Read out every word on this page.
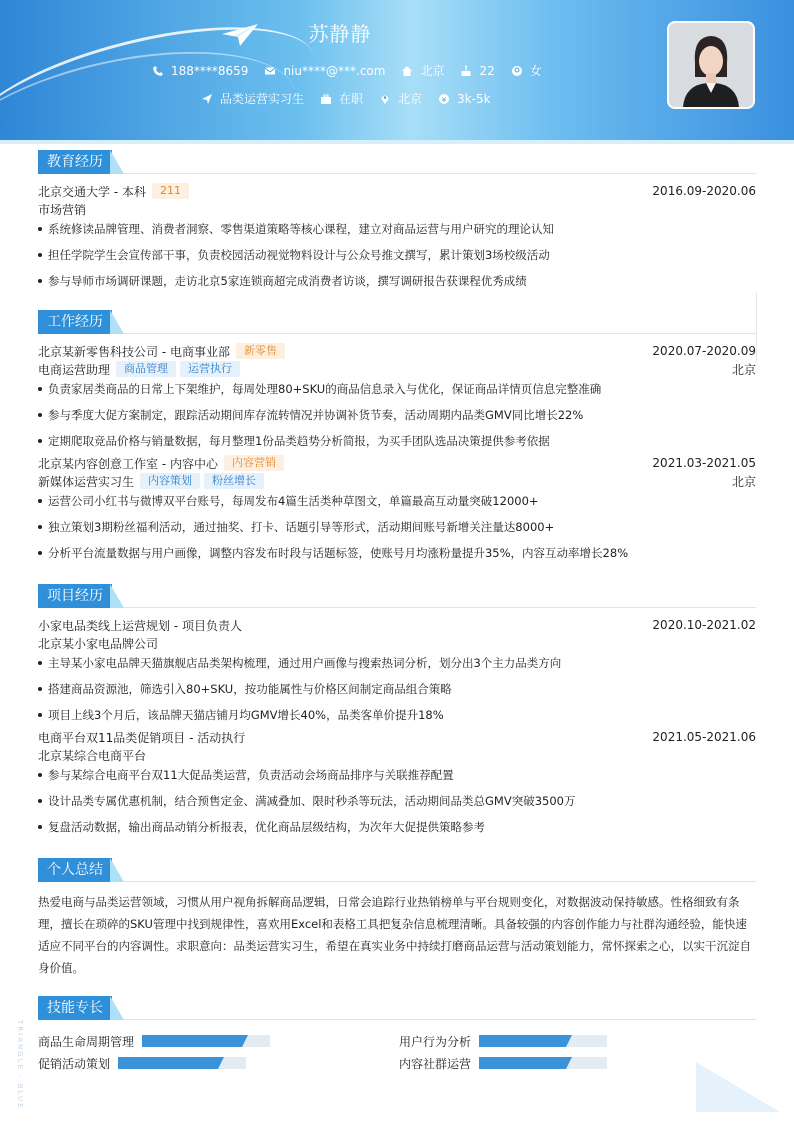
苏静静
188****8659	niu****@***.com	北京	22	女
品类运营实习生	在职	北京	¥ 3k-5k
教育经历
北京交通大学 - 本科	211	2016.09-2020.06
市场营销
系统修读品牌管理、消费者洞察、零售渠道策略等核心课程，建立对商品运营与用户研究的理论认知
担任学院学生会宣传部干事，负责校园活动视觉物料设计与公众号推文撰写，累计策划3场校级活动
参与导师市场调研课题，走访北京5家连锁商超完成消费者访谈，撰写调研报告获课程优秀成绩
工作经历
北京某新零售科技公司 - 电商事业部	新零售	2020.07-2020.09
电商运营助理	商品管理	运营执行	北京
负责家居类商品的日常上下架维护，每周处理80+SKU的商品信息录入与优化，保证商品详情页信息完整准确
参与季度大促方案制定，跟踪活动期间库存流转情况并协调补货节奏，活动周期内品类GMV同比增长22%
定期爬取竞品价格与销量数据，每月整理1份品类趋势分析简报，为买手团队选品决策提供参考依据
北京某内容创意工作室 - 内容中心	内容营销	2021.03-2021.05
新媒体运营实习生	内容策划	粉丝增长	北京
运营公司小红书与微博双平台账号，每周发布4篇生活类种草图文，单篇最高互动量突破12000+
独立策划3期粉丝福利活动，通过抽奖、打卡、话题引导等形式，活动期间账号新增关注量达8000+
分析平台流量数据与用户画像，调整内容发布时段与话题标签，使账号月均涨粉量提升35%，内容互动率增长28%
项目经历
小家电品类线上运营规划 - 项目负责人	2020.10-2021.02
北京某小家电品牌公司
主导某小家电品牌天猫旗舰店品类架构梳理，通过用户画像与搜索热词分析，划分出3个主力品类方向
搭建商品资源池，筛选引入80+SKU，按功能属性与价格区间制定商品组合策略
项目上线3个月后，该品牌天猫店铺月均GMV增长40%，品类客单价提升18%
电商平台双11品类促销项目 - 活动执行	2021.05-2021.06
北京某综合电商平台
参与某综合电商平台双11大促品类运营，负责活动会场商品排序与关联推荐配置
设计品类专属优惠机制，结合预售定金、满减叠加、限时秒杀等玩法，活动期间品类总GMV突破3500万
复盘活动数据，输出商品动销分析报表，优化商品层级结构，为次年大促提供策略参考
个人总结
热爱电商与品类运营领域，习惯从用户视角拆解商品逻辑，日常会追踪行业热销榜单与平台规则变化，对数据波动保持敏感。性格细致有条理，擅长在琐碎的SKU管理中找到规律性，喜欢用Excel和表格工具把复杂信息梳理清晰。具备较强的内容创作能力与社群沟通经验，能快速适应不同平台的内容调性。求职意向：品类运营实习生，希望在真实业务中持续打磨商品运营与活动策划能力，常怀探索之心，以实干沉淀自身价值。
技能专长
商品生命周期管理	用户行为分析
促销活动策划	内容社群运营
TRIANGLE · BLUE
